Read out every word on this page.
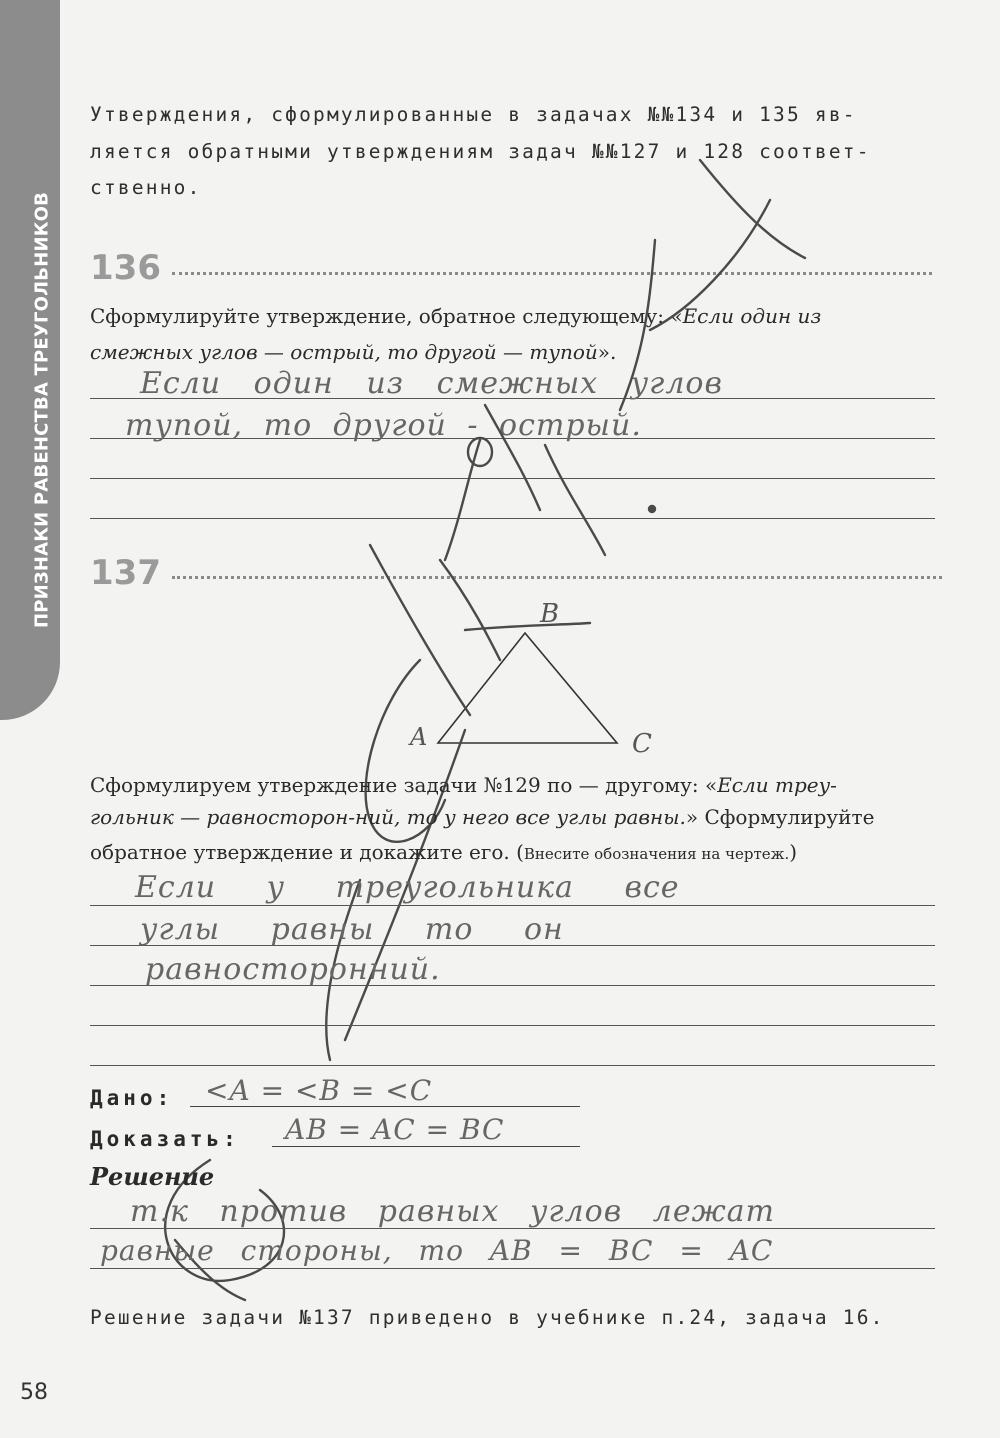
ПРИЗНАКИ РАВЕНСТВА ТРЕУГОЛЬНИКОВ
Утверждения, сформулированные в задачах №№134 и 135 яв-
ляется обратными утверждениям задач №№127 и 128 соответ-
ственно.
136
Сформулируйте утверждение, обратное следующему: «Если один из
смежных углов — острый, то другой — тупой».
Если один из смежных углов
тупой, то другой - острый.
137
A
B
C
Сформулируем утверждение задачи №129 по — другому: «Если треу-
гольник — равносторон-ний, то у него все углы равны.» Сформулируйте
обратное утверждение и докажите его. (Внесите обозначения на чертеж.)
Если у треугольника все
углы равны то он
равносторонний.
Дано: <A = <B = <C
Доказать: AB = AC = BC
Решение
т.к против равных углов лежат
равные стороны, то AB = BC = AC
Решение задачи №137 приведено в учебнике п.24, задача 16.
58
